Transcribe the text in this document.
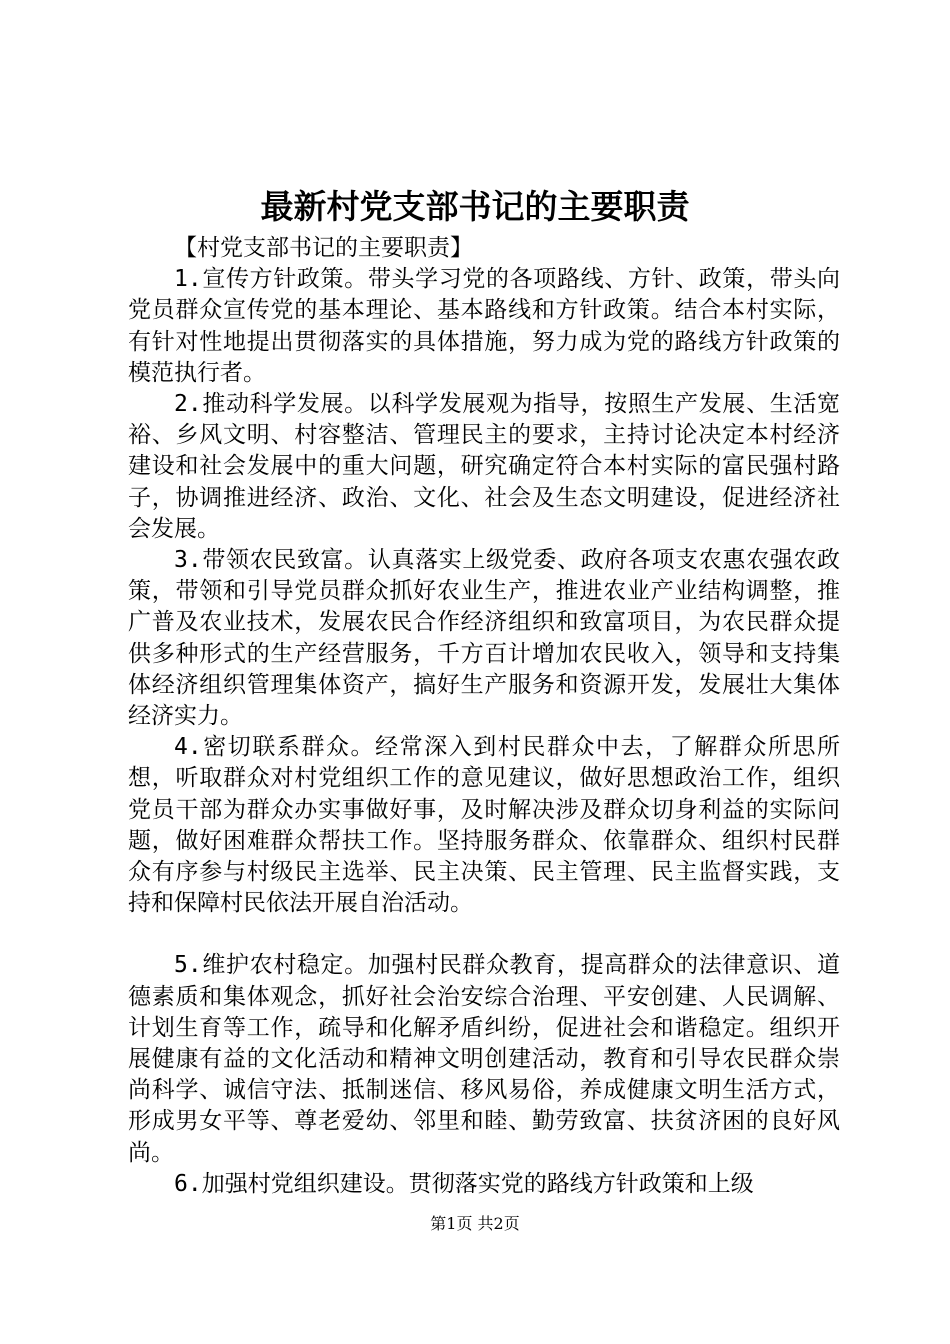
最新村党支部书记的主要职责

【村党支部书记的主要职责】

1.宣传方针政策。带头学习党的各项路线、方针、政策，带头向党员群众宣传党的基本理论、基本路线和方针政策。结合本村实际，有针对性地提出贯彻落实的具体措施，努力成为党的路线方针政策的模范执行者。

2.推动科学发展。以科学发展观为指导，按照生产发展、生活宽裕、乡风文明、村容整洁、管理民主的要求，主持讨论决定本村经济建设和社会发展中的重大问题，研究确定符合本村实际的富民强村路子，协调推进经济、政治、文化、社会及生态文明建设，促进经济社会发展。

3.带领农民致富。认真落实上级党委、政府各项支农惠农强农政策，带领和引导党员群众抓好农业生产，推进农业产业结构调整，推广普及农业技术，发展农民合作经济组织和致富项目，为农民群众提供多种形式的生产经营服务，千方百计增加农民收入，领导和支持集体经济组织管理集体资产，搞好生产服务和资源开发，发展壮大集体经济实力。

4.密切联系群众。经常深入到村民群众中去，了解群众所思所想，听取群众对村党组织工作的意见建议，做好思想政治工作，组织党员干部为群众办实事做好事，及时解决涉及群众切身利益的实际问题，做好困难群众帮扶工作。坚持服务群众、依靠群众、组织村民群众有序参与村级民主选举、民主决策、民主管理、民主监督实践，支持和保障村民依法开展自治活动。

5.维护农村稳定。加强村民群众教育，提高群众的法律意识、道德素质和集体观念，抓好社会治安综合治理、平安创建、人民调解、计划生育等工作，疏导和化解矛盾纠纷，促进社会和谐稳定。组织开展健康有益的文化活动和精神文明创建活动，教育和引导农民群众崇尚科学、诚信守法、抵制迷信、移风易俗，养成健康文明生活方式，形成男女平等、尊老爱幼、邻里和睦、勤劳致富、扶贫济困的良好风尚。

6.加强村党组织建设。贯彻落实党的路线方针政策和上级

第1页 共2页
